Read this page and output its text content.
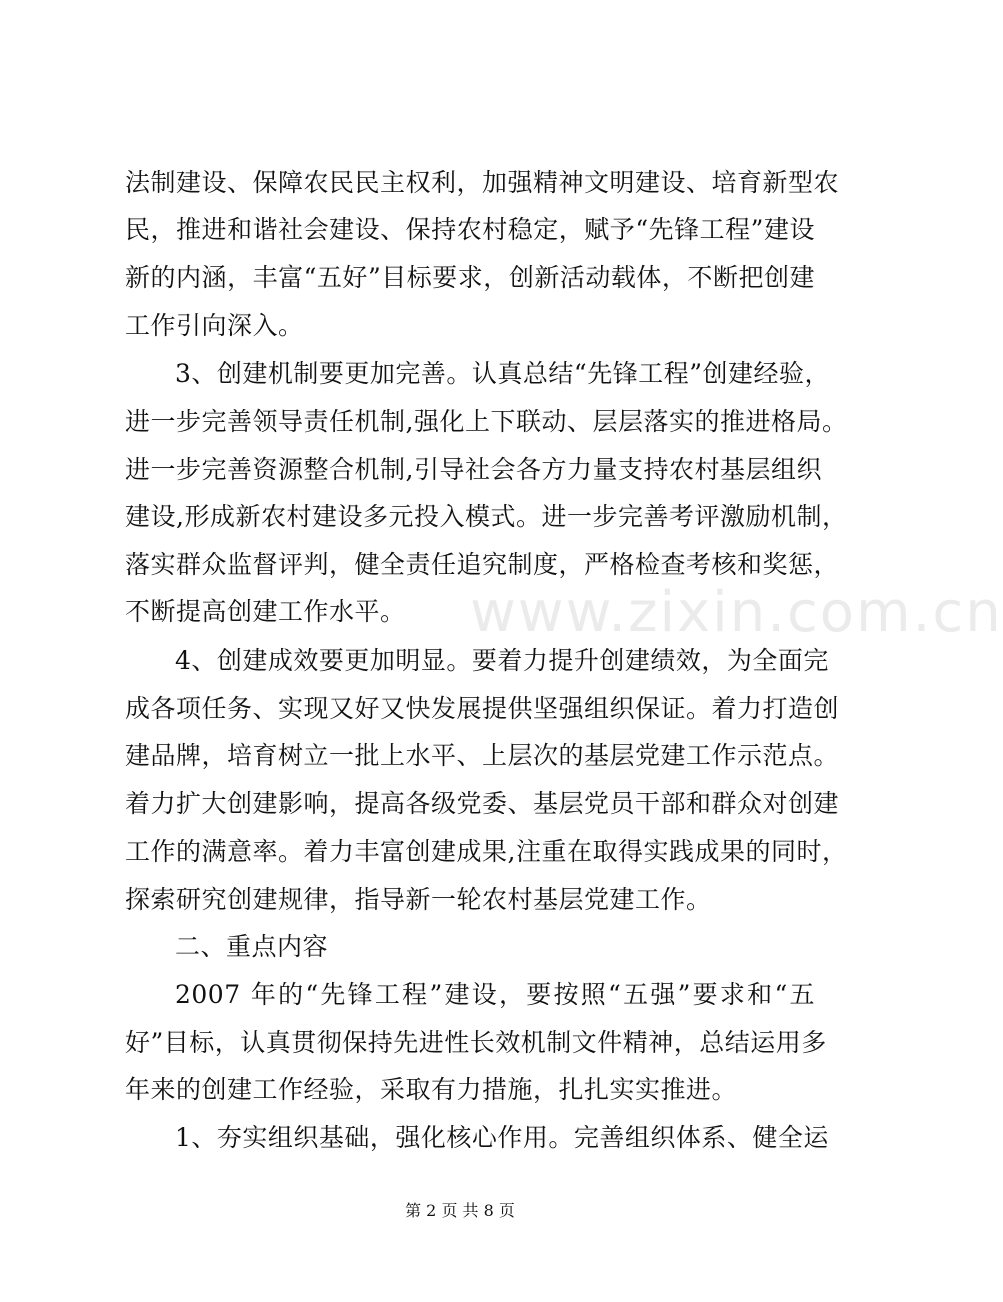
法制建设、保障农民民主权利，加强精神文明建设、培育新型农
民，推进和谐社会建设、保持农村稳定，赋予“先锋工程”建设
新的内涵，丰富“五好”目标要求，创新活动载体，不断把创建
工作引向深入。
3、创建机制要更加完善。认真总结“先锋工程”创建经验，
进一步完善领导责任机制,强化上下联动、层层落实的推进格局。
进一步完善资源整合机制,引导社会各方力量支持农村基层组织
建设,形成新农村建设多元投入模式。进一步完善考评激励机制，
落实群众监督评判，健全责任追究制度，严格检查考核和奖惩，
不断提高创建工作水平。
4、创建成效要更加明显。要着力提升创建绩效，为全面完
成各项任务、实现又好又快发展提供坚强组织保证。着力打造创
建品牌，培育树立一批上水平、上层次的基层党建工作示范点。
着力扩大创建影响，提高各级党委、基层党员干部和群众对创建
工作的满意率。着力丰富创建成果,注重在取得实践成果的同时，
探索研究创建规律，指导新一轮农村基层党建工作。
二、重点内容
2007 年的“先锋工程”建设，要按照“五强”要求和“五
好”目标，认真贯彻保持先进性长效机制文件精神，总结运用多
年来的创建工作经验，采取有力措施，扎扎实实推进。
1、夯实组织基础，强化核心作用。完善组织体系、健全运
www.zixin.com.cn
第 2 页 共 8 页
